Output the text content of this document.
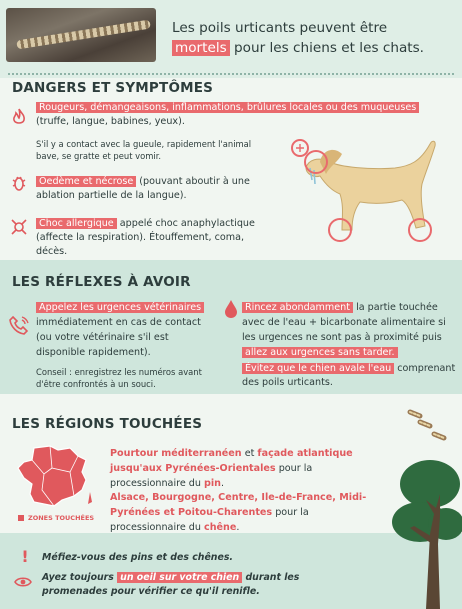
Les poils urticants peuvent être
mortels pour les chiens et les chats.
DANGERS ET SYMPTÔMES
Rougeurs, démangeaisons, inflammations, brûlures locales ou des muqueuses
(truffe, langue, babines, yeux).
S'il y a contact avec la gueule, rapidement l'animal bave, se gratte et peut vomir.
Oedème et nécrose (pouvant aboutir à une ablation partielle de la langue).
Choc allergique appelé choc anaphylactique (affecte la respiration). Étouffement, coma, décès.
LES RÉFLEXES À AVOIR
Appelez les urgences vétérinaires
immédiatement en cas de contact (ou votre vétérinaire s'il est disponible rapidement).
Conseil : enregistrez les numéros avant d'être confrontés à un souci.
Rincez abondamment la partie touchée avec de l'eau + bicarbonate alimentaire si les urgences ne sont pas à proximité puis allez aux urgences sans tarder.
Évitez que le chien avale l'eau comprenant des poils urticants.
LES RÉGIONS TOUCHÉES
ZONES TOUCHÉES
Pourtour méditerranéen et façade atlantique jusqu'aux Pyrénées-Orientales pour la processionnaire du pin.
Alsace, Bourgogne, Centre, Ile-de-France, Midi-Pyrénées et Poitou-Charentes pour la processionnaire du chêne.
!	Méfiez-vous des pins et des chênes.
Ayez toujours un oeil sur votre chien durant les promenades pour vérifier ce qu'il renifle.
